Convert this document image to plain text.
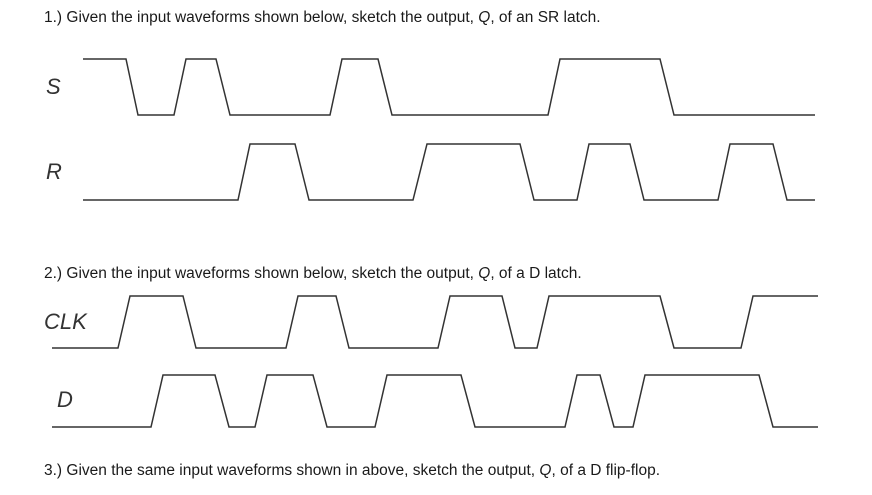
1.) Given the input waveforms shown below, sketch the output, Q, of an SR latch.
2.) Given the input waveforms shown below, sketch the output, Q, of a D latch.
3.) Given the same input waveforms shown in above, sketch the output, Q, of a D flip-flop.
S
R
CLK
D
